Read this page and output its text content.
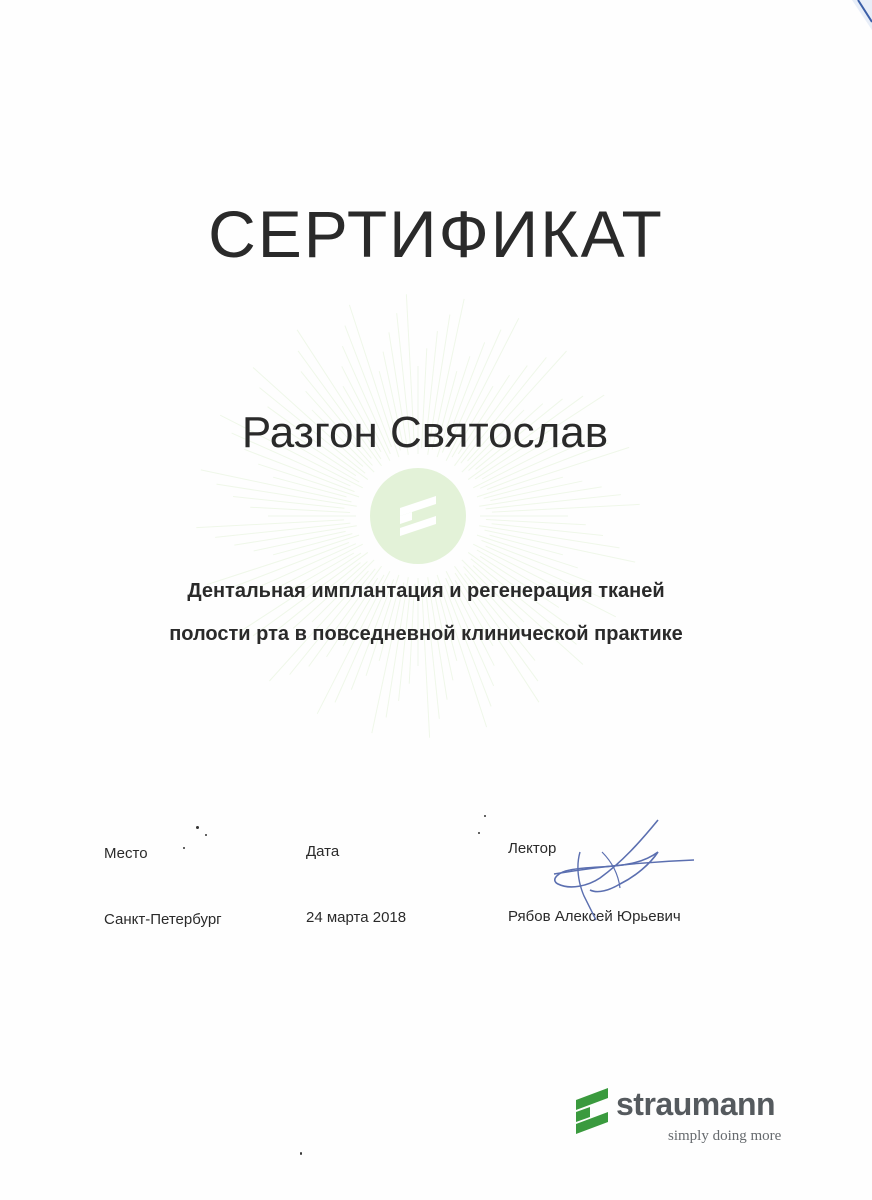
СЕРТИФИКАТ
Разгон Святослав
Дентальная имплантация и регенерация тканей
полости рта в повседневной клинической практике
Место	Дата	Лектор
Санкт-Петербург	24 марта 2018	Рябов Алексей Юрьевич
straumann
simply doing more
